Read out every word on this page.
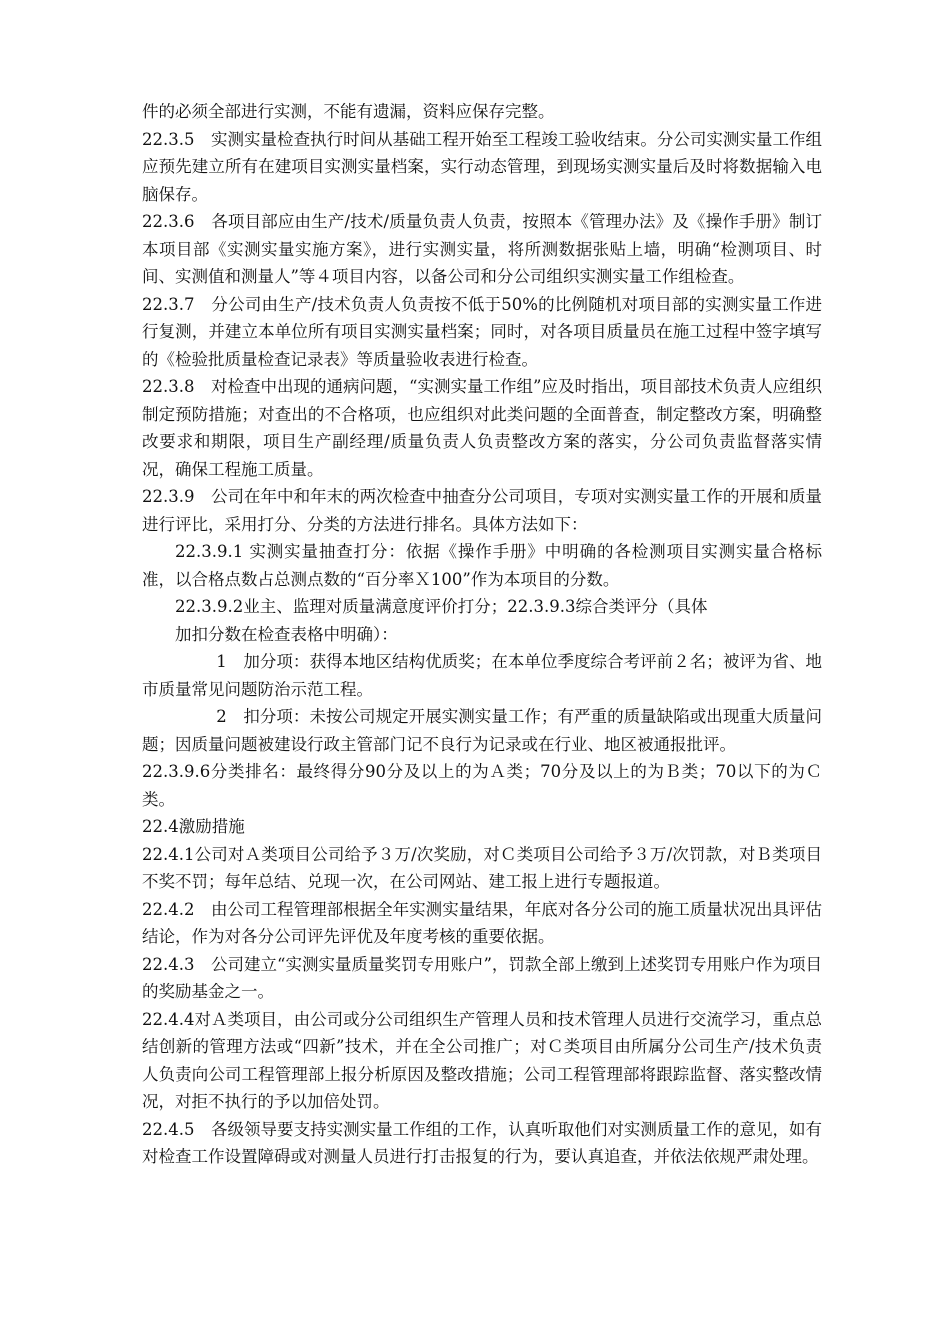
件的必须全部进行实测，不能有遗漏，资料应保存完整。

22.3.5　实测实量检查执行时间从基础工程开始至工程竣工验收结束。分公司实测实量工作组应预先建立所有在建项目实测实量档案，实行动态管理，到现场实测实量后及时将数据输入电脑保存。

22.3.6　各项目部应由生产/技术/质量负责人负责，按照本《管理办法》及《操作手册》制订本项目部《实测实量实施方案》，进行实测实量，将所测数据张贴上墙，明确“检测项目、时间、实测值和测量人”等４项目内容，以备公司和分公司组织实测实量工作组检查。

22.3.7　分公司由生产/技术负责人负责按不低于50%的比例随机对项目部的实测实量工作进行复测，并建立本单位所有项目实测实量档案；同时，对各项目质量员在施工过程中签字填写的《检验批质量检查记录表》等质量验收表进行检查。

22.3.8　对检查中出现的通病问题，“实测实量工作组”应及时指出，项目部技术负责人应组织制定预防措施；对查出的不合格项，也应组织对此类问题的全面普查，制定整改方案，明确整改要求和期限，项目生产副经理/质量负责人负责整改方案的落实，分公司负责监督落实情况，确保工程施工质量。

22.3.9　公司在年中和年末的两次检查中抽查分公司项目，专项对实测实量工作的开展和质量进行评比，采用打分、分类的方法进行排名。具体方法如下：

22.3.9.1 实测实量抽查打分：依据《操作手册》中明确的各检测项目实测实量合格标准，以合格点数占总测点数的“百分率Ｘ100”作为本项目的分数。

22.3.9.2业主、监理对质量满意度评价打分；22.3.9.3综合类评分（具体
加扣分数在检查表格中明确）：

1　加分项：获得本地区结构优质奖；在本单位季度综合考评前２名；被评为省、地市质量常见问题防治示范工程。

2　扣分项：未按公司规定开展实测实量工作；有严重的质量缺陷或出现重大质量问题；因质量问题被建设行政主管部门记不良行为记录或在行业、地区被通报批评。

22.3.9.6分类排名：最终得分90分及以上的为Ａ类；70分及以上的为Ｂ类；70以下的为Ｃ类。

22.4激励措施

22.4.1公司对Ａ类项目公司给予３万/次奖励，对Ｃ类项目公司给予３万/次罚款，对Ｂ类项目不奖不罚；每年总结、兑现一次，在公司网站、建工报上进行专题报道。

22.4.2　由公司工程管理部根据全年实测实量结果，年底对各分公司的施工质量状况出具评估结论，作为对各分公司评先评优及年度考核的重要依据。

22.4.3　公司建立“实测实量质量奖罚专用账户”，罚款全部上缴到上述奖罚专用账户作为项目的奖励基金之一。

22.4.4对Ａ类项目，由公司或分公司组织生产管理人员和技术管理人员进行交流学习，重点总结创新的管理方法或“四新”技术，并在全公司推广；对Ｃ类项目由所属分公司生产/技术负责人负责向公司工程管理部上报分析原因及整改措施；公司工程管理部将跟踪监督、落实整改情况，对拒不执行的予以加倍处罚。

22.4.5　各级领导要支持实测实量工作组的工作，认真听取他们对实测质量工作的意见，如有对检查工作设置障碍或对测量人员进行打击报复的行为，要认真追查，并依法依规严肃处理。
